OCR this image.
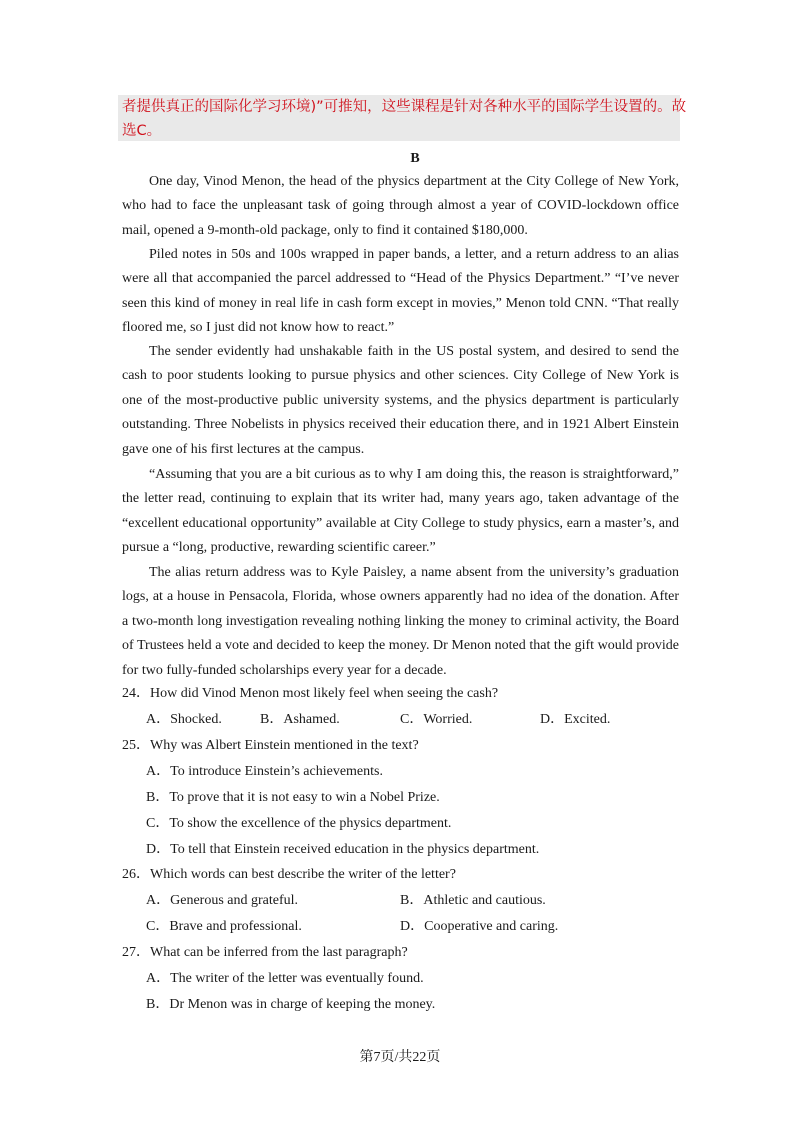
者提供真正的国际化学习环境)”可推知，这些课程是针对各种水平的国际学生设置的。故
选C。
B

One day, Vinod Menon, the head of the physics department at the City College of New York, who had to face the unpleasant task of going through almost a year of COVID-lockdown office mail, opened a 9-month-old package, only to find it contained $180,000.

Piled notes in 50s and 100s wrapped in paper bands, a letter, and a return address to an alias were all that accompanied the parcel addressed to “Head of the Physics Department.” “I’ve never seen this kind of money in real life in cash form except in movies,” Menon told CNN. “That really floored me, so I just did not know how to react.”

The sender evidently had unshakable faith in the US postal system, and desired to send the cash to poor students looking to pursue physics and other sciences. City College of New York is one of the most-productive public university systems, and the physics department is particularly outstanding. Three Nobelists in physics received their education there, and in 1921 Albert Einstein gave one of his first lectures at the campus.

“Assuming that you are a bit curious as to why I am doing this, the reason is straightforward,” the letter read, continuing to explain that its writer had, many years ago, taken advantage of the “excellent educational opportunity” available at City College to study physics, earn a master’s, and pursue a “long, productive, rewarding scientific career.”

The alias return address was to Kyle Paisley, a name absent from the university’s graduation logs, at a house in Pensacola, Florida, whose owners apparently had no idea of the donation. After a two-month long investigation revealing nothing linking the money to criminal activity, the Board of Trustees held a vote and decided to keep the money. Dr Menon noted that the gift would provide for two fully-funded scholarships every year for a decade.

24．How did Vinod Menon most likely feel when seeing the cash?
A．Shocked.	B．Ashamed.	C．Worried.	D．Excited.
25．Why was Albert Einstein mentioned in the text?
A．To introduce Einstein’s achievements.
B．To prove that it is not easy to win a Nobel Prize.
C．To show the excellence of the physics department.
D．To tell that Einstein received education in the physics department.
26．Which words can best describe the writer of the letter?
A．Generous and grateful.	B．Athletic and cautious.
C．Brave and professional.	D．Cooperative and caring.
27．What can be inferred from the last paragraph?
A．The writer of the letter was eventually found.
B．Dr Menon was in charge of keeping the money.
第7页/共22页
